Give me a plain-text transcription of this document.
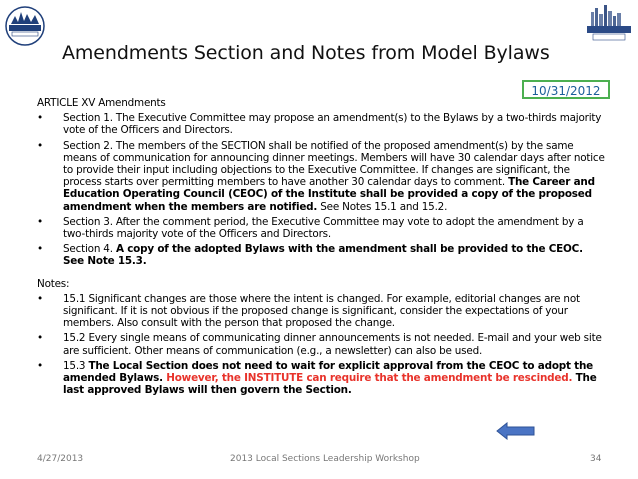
Amendments Section and Notes from Model Bylaws
10/31/2012

ARTICLE XV Amendments

• Section 1. The Executive Committee may propose an amendment(s) to the Bylaws by a two-thirds majority vote of the Officers and Directors.
• Section 2. The members of the SECTION shall be notified of the proposed amendment(s) by the same means of communication for announcing dinner meetings. Members will have 30 calendar days after notice to provide their input including objections to the Executive Committee. If changes are significant, the process starts over permitting members to have another 30 calendar days to comment. The Career and Education Operating Council (CEOC) of the Institute shall be provided a copy of the proposed amendment when the members are notified. See Notes 15.1 and 15.2.
• Section 3. After the comment period, the Executive Committee may vote to adopt the amendment by a two-thirds majority vote of the Officers and Directors.
• Section 4. A copy of the adopted Bylaws with the amendment shall be provided to the CEOC. See Note 15.3.

Notes:

• 15.1 Significant changes are those where the intent is changed. For example, editorial changes are not significant. If it is not obvious if the proposed change is significant, consider the expectations of your members. Also consult with the person that proposed the change.
• 15.2 Every single means of communicating dinner announcements is not needed. E-mail and your web site are sufficient. Other means of communication (e.g., a newsletter) can also be used.
• 15.3 The Local Section does not need to wait for explicit approval from the CEOC to adopt the amended Bylaws. However, the INSTITUTE can require that the amendment be rescinded. The last approved Bylaws will then govern the Section.
4/27/2013	2013 Local Sections Leadership Workshop	34
